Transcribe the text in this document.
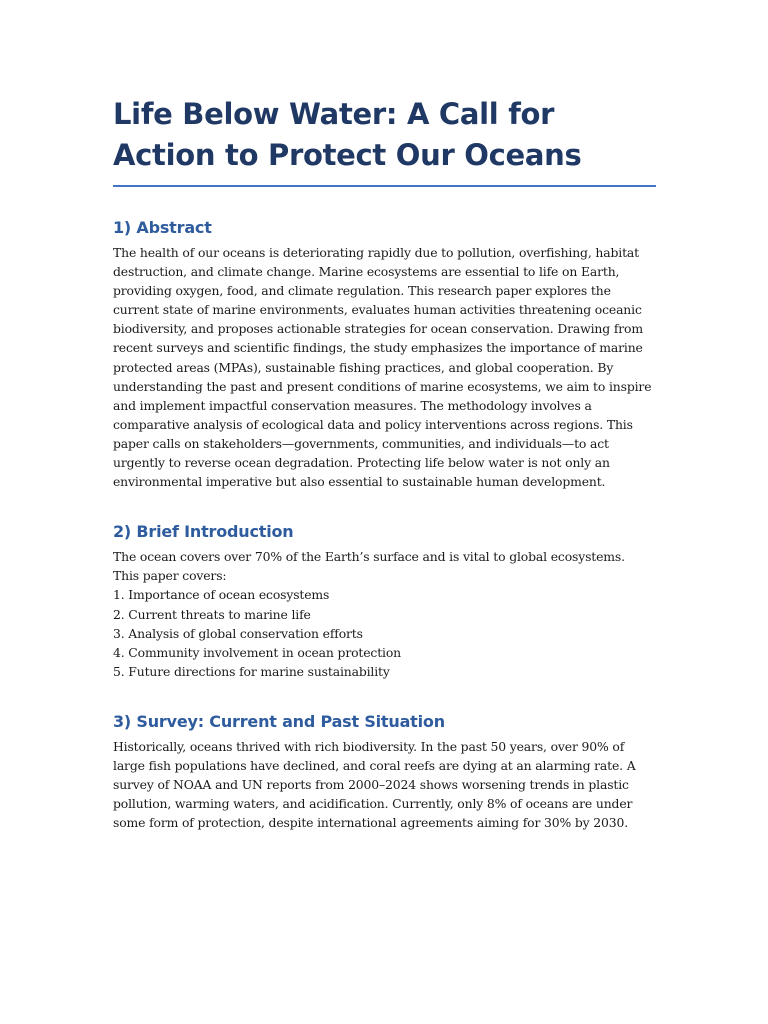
Life Below Water: A Call for Action to Protect Our Oceans
1) Abstract

The health of our oceans is deteriorating rapidly due to pollution, overfishing, habitat destruction, and climate change. Marine ecosystems are essential to life on Earth, providing oxygen, food, and climate regulation. This research paper explores the current state of marine environments, evaluates human activities threatening oceanic biodiversity, and proposes actionable strategies for ocean conservation. Drawing from recent surveys and scientific findings, the study emphasizes the importance of marine protected areas (MPAs), sustainable fishing practices, and global cooperation. By understanding the past and present conditions of marine ecosystems, we aim to inspire and implement impactful conservation measures. The methodology involves a comparative analysis of ecological data and policy interventions across regions. This paper calls on stakeholders—governments, communities, and individuals—to act urgently to reverse ocean degradation. Protecting life below water is not only an environmental imperative but also essential to sustainable human development.

2) Brief Introduction
The ocean covers over 70% of the Earth’s surface and is vital to global ecosystems.
This paper covers:
1. Importance of ocean ecosystems
2. Current threats to marine life
3. Analysis of global conservation efforts
4. Community involvement in ocean protection
5. Future directions for marine sustainability
3) Survey: Current and Past Situation

Historically, oceans thrived with rich biodiversity. In the past 50 years, over 90% of large fish populations have declined, and coral reefs are dying at an alarming rate. A survey of NOAA and UN reports from 2000–2024 shows worsening trends in plastic pollution, warming waters, and acidification. Currently, only 8% of oceans are under some form of protection, despite international agreements aiming for 30% by 2030.
